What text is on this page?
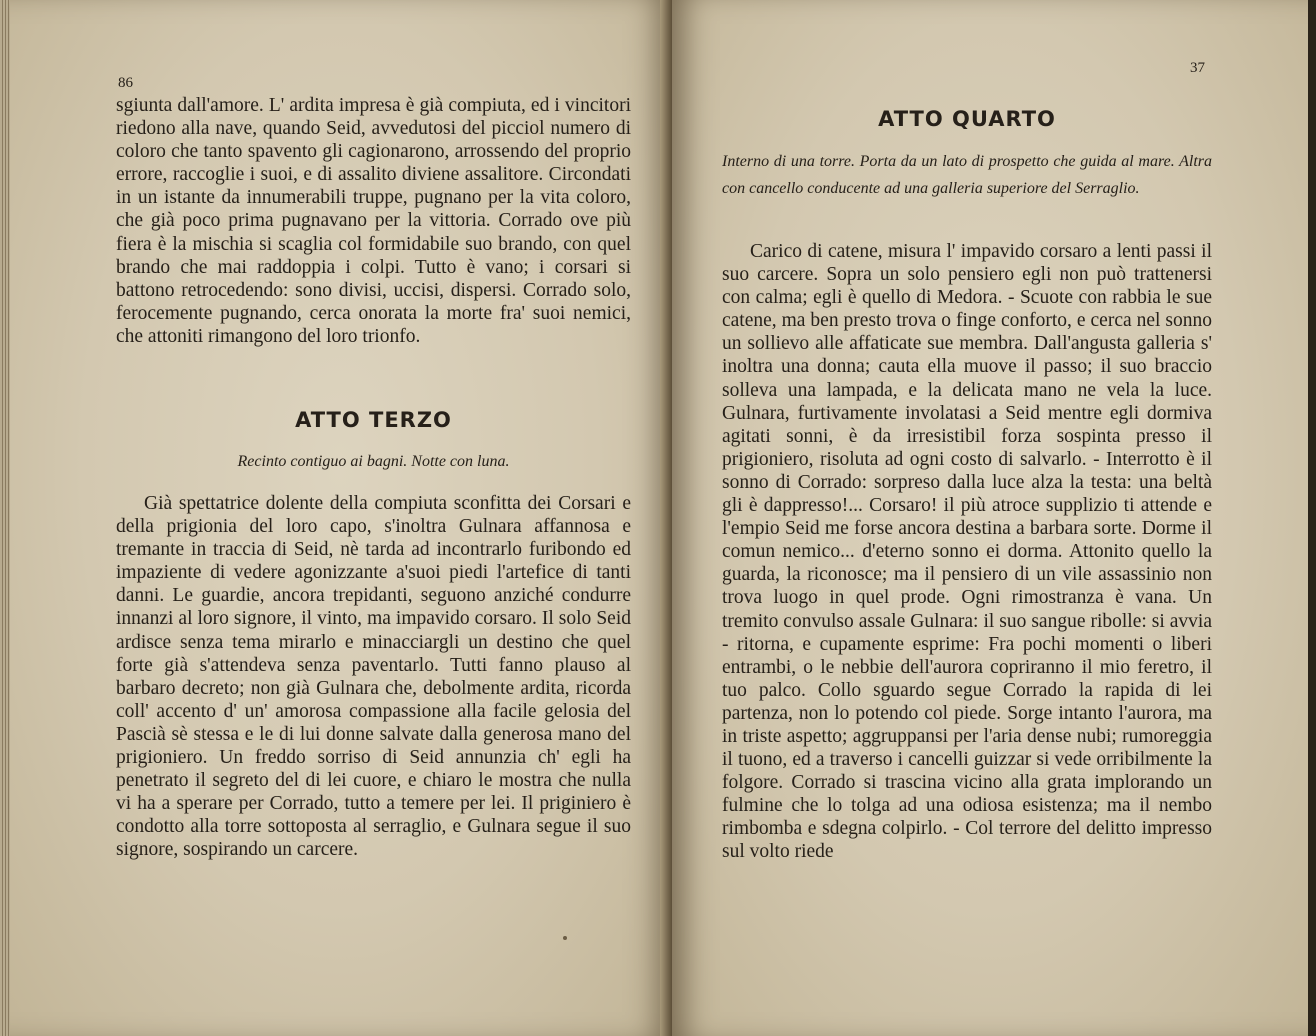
86

sgiunta dall'amore. L' ardita impresa è già compiuta, ed i vincitori riedono alla nave, quando Seid, avvedutosi del picciol numero di coloro che tanto spavento gli cagionarono, arrossendo del proprio errore, raccoglie i suoi, e di assalito diviene assalitore. Circondati in un istante da innumerabili truppe, pugnano per la vita coloro, che già poco prima pugnavano per la vittoria. Corrado ove più fiera è la mischia si scaglia col formidabile suo brando, con quel brando che mai raddoppia i colpi. Tutto è vano; i corsari si battono retrocedendo: sono divisi, uccisi, dispersi. Corrado solo, ferocemente pugnando, cerca onorata la morte fra' suoi nemici, che attoniti rimangono del loro trionfo.

ATTO TERZO
Recinto contiguo ai bagni. Notte con luna.

Già spettatrice dolente della compiuta sconfitta dei Corsari e della prigionia del loro capo, s'inoltra Gulnara affannosa e tremante in traccia di Seid, nè tarda ad incontrarlo furibondo ed impaziente di vedere agonizzante a'suoi piedi l'artefice di tanti danni. Le guardie, ancora trepidanti, seguono anziché condurre innanzi al loro signore, il vinto, ma impavido corsaro. Il solo Seid ardisce senza tema mirarlo e minacciargli un destino che quel forte già s'attendeva senza paventarlo. Tutti fanno plauso al barbaro decreto; non già Gulnara che, debolmente ardita, ricorda coll' accento d' un' amorosa compassione alla facile gelosia del Pascià sè stessa e le di lui donne salvate dalla generosa mano del prigioniero. Un freddo sorriso di Seid annunzia ch' egli ha penetrato il segreto del di lei cuore, e chiaro le mostra che nulla vi ha a sperare per Corrado, tutto a temere per lei. Il priginiero è condotto alla torre sottoposta al serraglio, e Gulnara segue il suo signore, sospirando un carcere.

37
ATTO QUARTO
Interno di una torre. Porta da un lato di prospetto che guida al mare. Altra con cancello conducente ad una galleria superiore del Serraglio.

Carico di catene, misura l' impavido corsaro a lenti passi il suo carcere. Sopra un solo pensiero egli non può trattenersi con calma; egli è quello di Medora. - Scuote con rabbia le sue catene, ma ben presto trova o finge conforto, e cerca nel sonno un sollievo alle affaticate sue membra. Dall'angusta galleria s' inoltra una donna; cauta ella muove il passo; il suo braccio solleva una lampada, e la delicata mano ne vela la luce. Gulnara, furtivamente involatasi a Seid mentre egli dormiva agitati sonni, è da irresistibil forza sospinta presso il prigioniero, risoluta ad ogni costo di salvarlo. - Interrotto è il sonno di Corrado: sorpreso dalla luce alza la testa: una beltà gli è dappresso!... Corsaro! il più atroce supplizio ti attende e l'empio Seid me forse ancora destina a barbara sorte. Dorme il comun nemico... d'eterno sonno ei dorma. Attonito quello la guarda, la riconosce; ma il pensiero di un vile assassinio non trova luogo in quel prode. Ogni rimostranza è vana. Un tremito convulso assale Gulnara: il suo sangue ribolle: si avvia - ritorna, e cupamente esprime: Fra pochi momenti o liberi entrambi, o le nebbie dell'aurora copriranno il mio feretro, il tuo palco. Collo sguardo segue Corrado la rapida di lei partenza, non lo potendo col piede. Sorge intanto l'aurora, ma in triste aspetto; aggruppansi per l'aria dense nubi; rumoreggia il tuono, ed a traverso i cancelli guizzar si vede orribilmente la folgore. Corrado si trascina vicino alla grata implorando un fulmine che lo tolga ad una odiosa esistenza; ma il nembo rimbomba e sdegna colpirlo. - Col terrore del delitto impresso sul volto riede
